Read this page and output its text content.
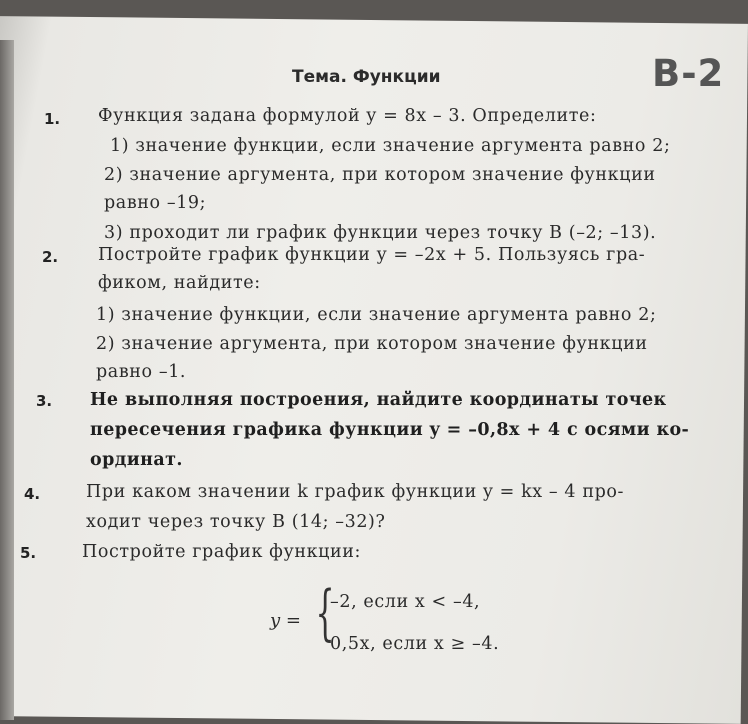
Тема. Функции	В-2
1. Функция задана формулой y = 8x – 3. Определите:
1) значение функции, если значение аргумента равно 2;
2) значение аргумента, при котором значение функции
равно –19;
3) проходит ли график функции через точку B (–2; –13).
2. Постройте график функции y = –2x + 5. Пользуясь гра-
фиком, найдите:
1) значение функции, если значение аргумента равно 2;
2) значение аргумента, при котором значение функции
равно –1.
3. Не выполняя построения, найдите координаты точек
пересечения графика функции y = –0,8x + 4 с осями ко-
ординат.
4.	При каком значении k график функции y = kx – 4 про-
ходит через точку B (14; –32)?
5.	Постройте график функции:
y = {
–2, если x < –4,
0,5x, если x ≥ –4.
